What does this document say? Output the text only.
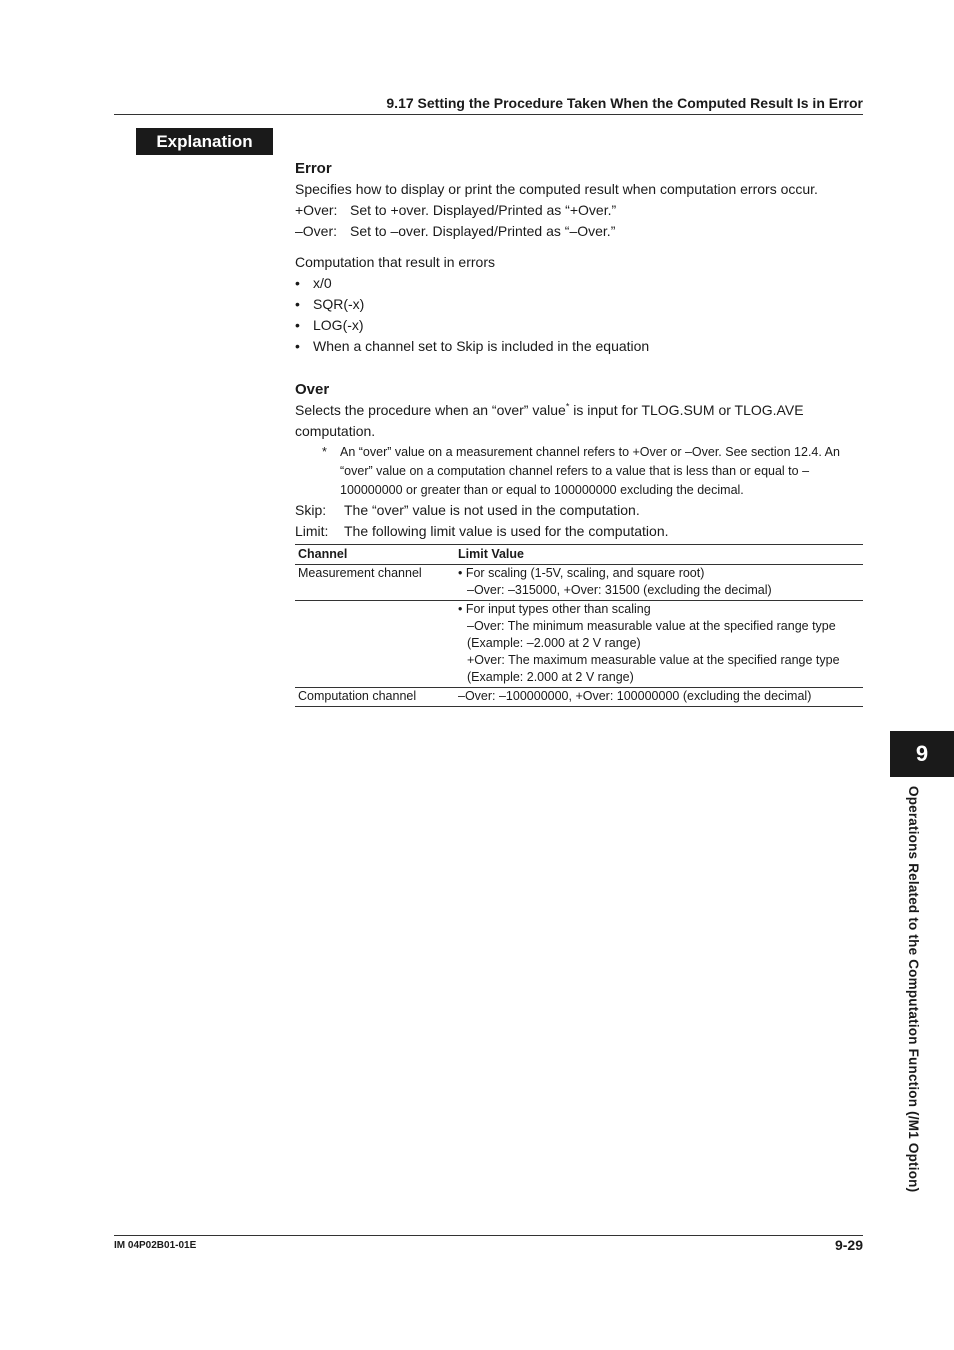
9.17 Setting the Procedure Taken When the Computed Result Is in Error
Explanation
Error

Specifies how to display or print the computed result when computation errors occur.

+Over: Set to +over. Displayed/Printed as “+Over.”
–Over: Set to –over. Displayed/Printed as “–Over.”

Computation that result in errors

• x/0
• SQR(-x)
• LOG(-x)
• When a channel set to Skip is included in the equation
Over

Selects the procedure when an “over” value* is input for TLOG.SUM or TLOG.AVE computation.

*	An “over” value on a measurement channel refers to +Over or –Over. See section 12.4. An “over” value on a computation channel refers to a value that is less than or equal to –100000000 or greater than or equal to 100000000 excluding the decimal.
Skip:	The “over” value is not used in the computation.
Limit:	The following limit value is used for the computation.
Channel	Limit Value
Measurement channel	• For scaling (1-5V, scaling, and square root)
–Over: –315000, +Over: 31500 (excluding the decimal)

	• For input types other than scaling
–Over: The minimum measurable value at the specified range type
(Example: –2.000 at 2 V range)
+Over: The maximum measurable value at the specified range type
(Example: 2.000 at 2 V range)

Computation channel	–Over: –100000000, +Over: 100000000 (excluding the decimal)
9
Operations Related to the Computation Function (/M1 Option)
IM 04P02B01-01E	9-29
